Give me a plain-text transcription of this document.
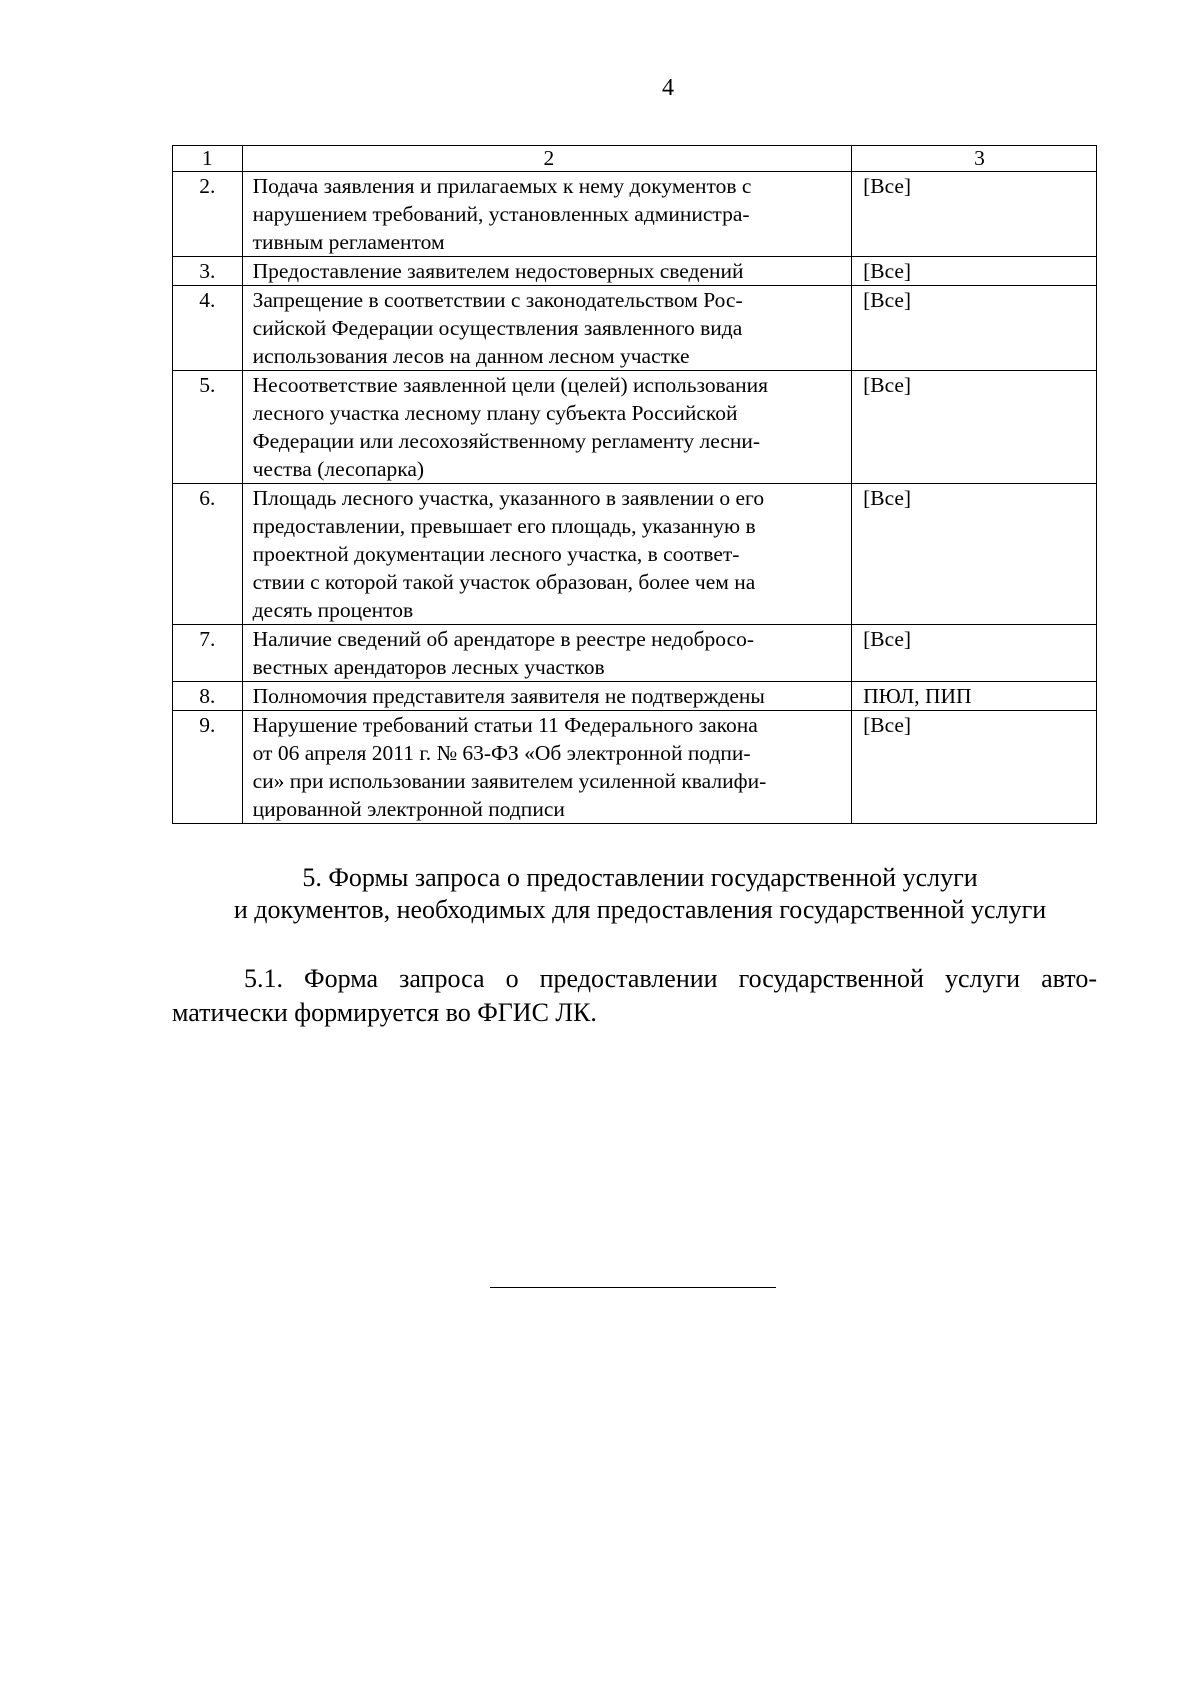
4
1	2	3
2.	Подача заявления и прилагаемых к нему документов с
нарушением требований, установленных администра-
тивным регламентом	[Все]
3.	Предоставление заявителем недостоверных сведений	[Все]
4.	Запрещение в соответствии с законодательством Рос-
сийской Федерации осуществления заявленного вида
использования лесов на данном лесном участке	[Все]
5.	Несоответствие заявленной цели (целей) использования
лесного участка лесному плану субъекта Российской
Федерации или лесохозяйственному регламенту лесни-
чества (лесопарка)	[Все]
6.	Площадь лесного участка, указанного в заявлении о его
предоставлении, превышает его площадь, указанную в
проектной документации лесного участка, в соответ-
ствии с которой такой участок образован, более чем на
десять процентов	[Все]
7.	Наличие сведений об арендаторе в реестре недобросо-
вестных арендаторов лесных участков	[Все]
8.	Полномочия представителя заявителя не подтверждены	ПЮЛ, ПИП
9.	Нарушение требований статьи 11 Федерального закона
от 06 апреля 2011 г. № 63-ФЗ «Об электронной подпи-
си» при использовании заявителем усиленной квалифи-
цированной электронной подписи	[Все]
5. Формы запроса о предоставлении государственной услуги
и документов, необходимых для предоставления государственной услуги
5.1. Форма запроса о предоставлении государственной услуги авто-
матически формируется во ФГИС ЛК.
